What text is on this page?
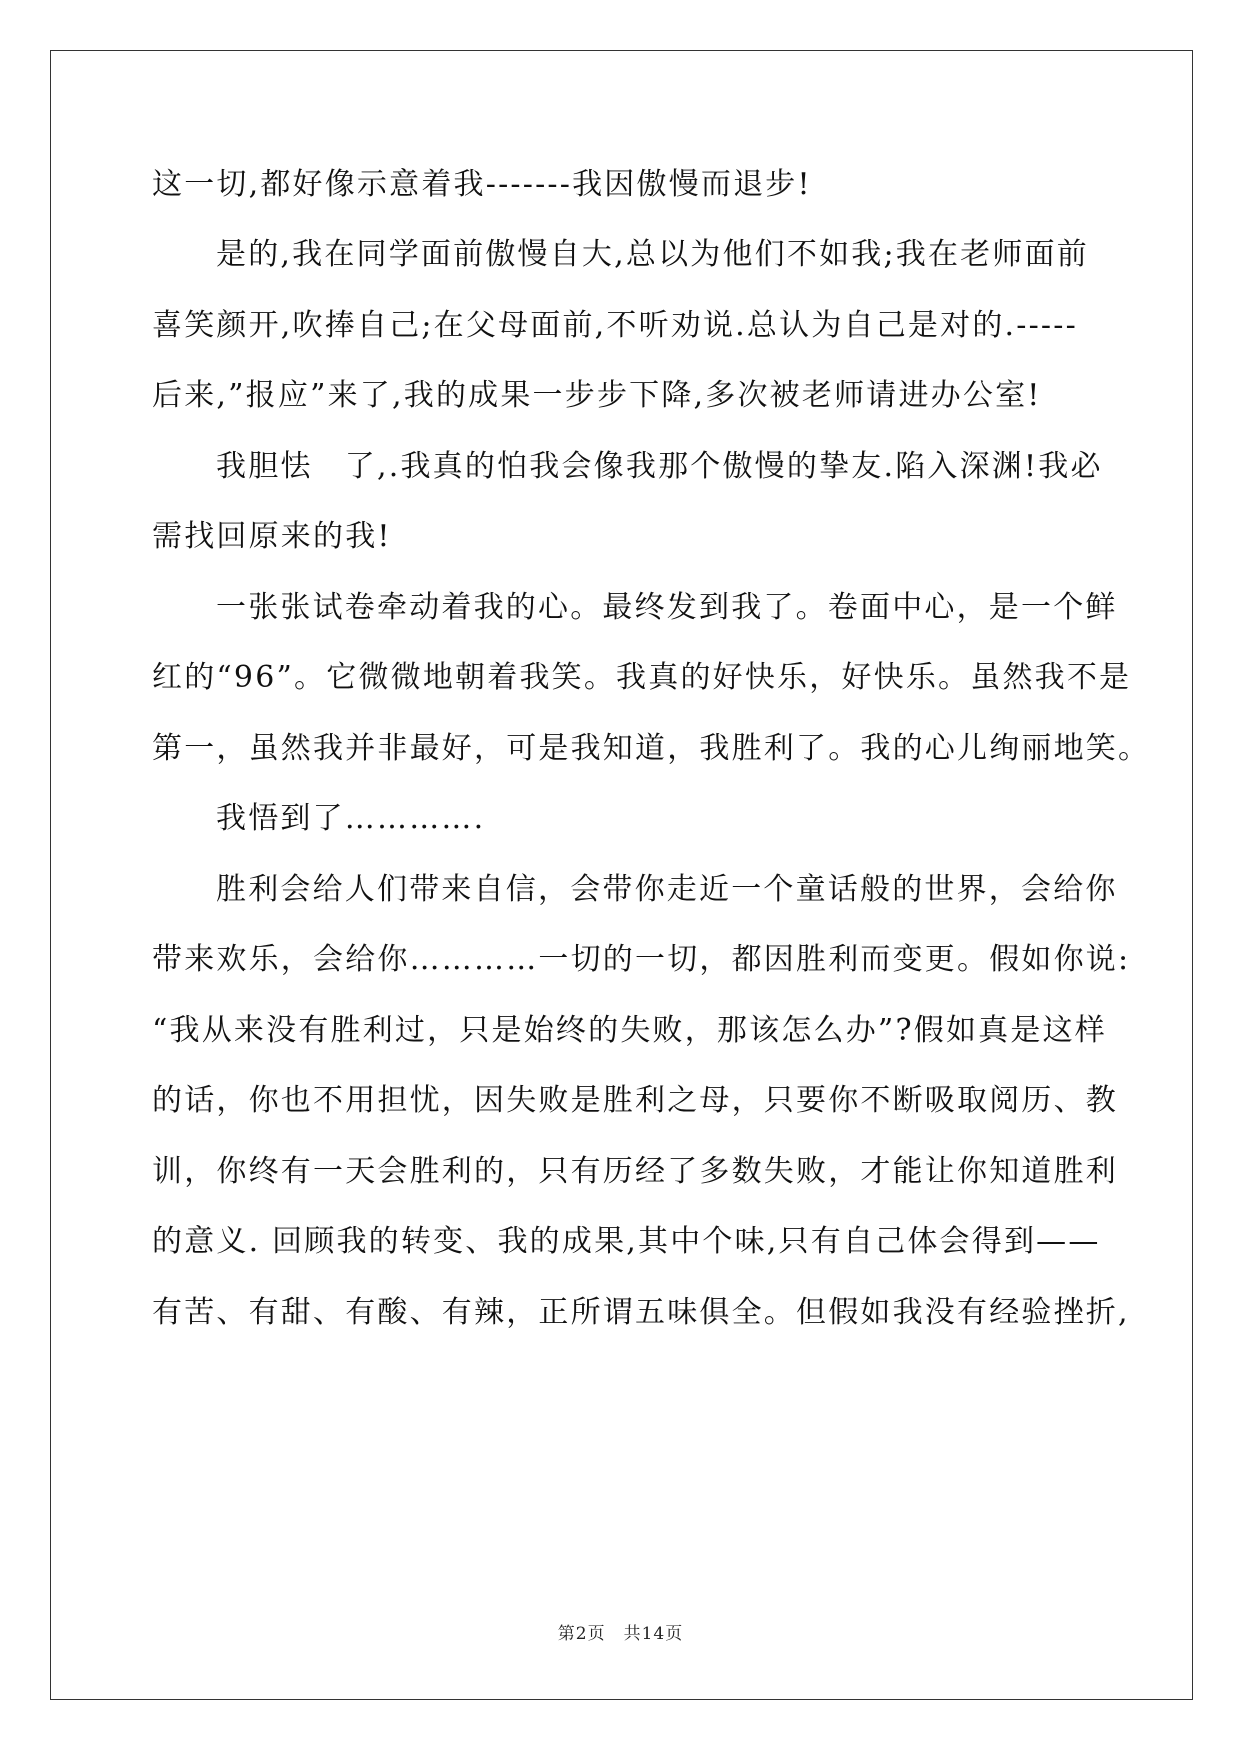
这一切,都好像示意着我-------我因傲慢而退步!
是的,我在同学面前傲慢自大,总以为他们不如我;我在老师面前
喜笑颜开,吹捧自己;在父母面前,不听劝说.总认为自己是对的.-----
后来,”报应”来了,我的成果一步步下降,多次被老师请进办公室!
我胆怯　了,.我真的怕我会像我那个傲慢的挚友.陷入深渊!我必
需找回原来的我!
一张张试卷牵动着我的心。最终发到我了。卷面中心，是一个鲜
红的“96”。它微微地朝着我笑。我真的好快乐，好快乐。虽然我不是
第一，虽然我并非最好，可是我知道，我胜利了。我的心儿绚丽地笑。
我悟到了………….
胜利会给人们带来自信，会带你走近一个童话般的世界，会给你
带来欢乐，会给你…………一切的一切，都因胜利而变更。假如你说:
“我从来没有胜利过，只是始终的失败，那该怎么办”?假如真是这样
的话，你也不用担忧，因失败是胜利之母，只要你不断吸取阅历、教
训，你终有一天会胜利的，只有历经了多数失败，才能让你知道胜利
的意义. 回顾我的转变、我的成果,其中个味,只有自己体会得到——
有苦、有甜、有酸、有辣，正所谓五味俱全。但假如我没有经验挫折,
第2页　共14页
